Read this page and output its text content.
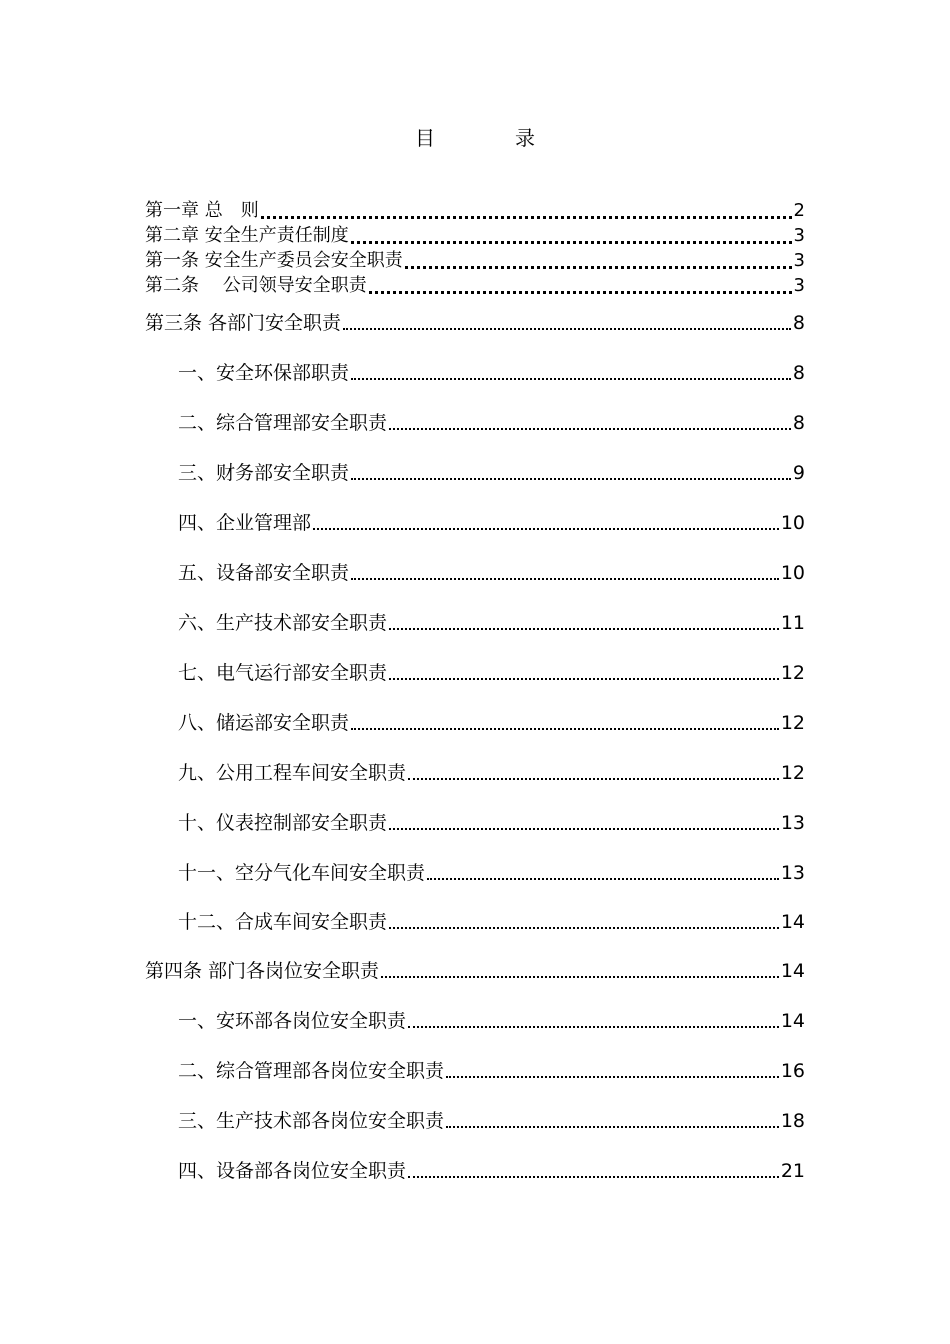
目　录
第一章 总　则	2
第二章 安全生产责任制度	3
第一条 安全生产委员会安全职责	3
第二条　 公司领导安全职责	3
第三条 各部门安全职责	8
一、安全环保部职责	8
二、综合管理部安全职责	8
三、财务部安全职责	9
四、企业管理部	10
五、设备部安全职责	10
六、生产技术部安全职责	11
七、电气运行部安全职责	12
八、储运部安全职责	12
九、公用工程车间安全职责	12
十、仪表控制部安全职责	13
十一、空分气化车间安全职责	13
十二、合成车间安全职责	14
第四条 部门各岗位安全职责	14
一、安环部各岗位安全职责	14
二、综合管理部各岗位安全职责	16
三、生产技术部各岗位安全职责	18
四、设备部各岗位安全职责	21
